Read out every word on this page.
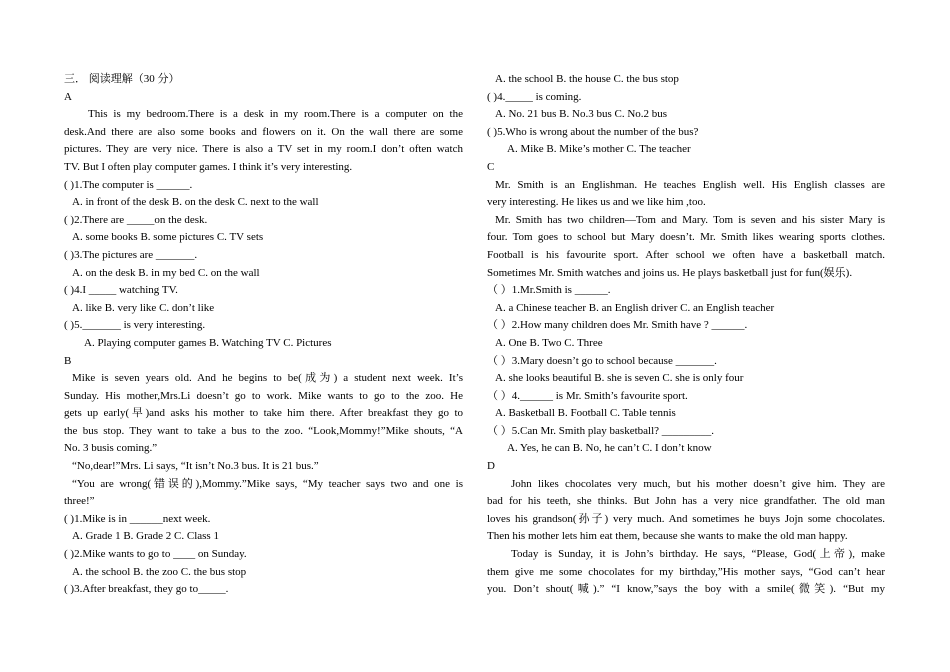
三． 阅读理解（30 分）
A
This is my bedroom.There is a desk in my room.There is a computer on the
desk.And there are also some books and flowers on it. On the wall there are some
pictures. They are very nice. There is also a TV set in my room.I don’t often watch
TV. But I often play computer games. I think it’s very interesting.
( )1.The computer is ______.
A. in front of the desk B. on the desk C. next to the wall
( )2.There are _____on the desk.
A. some books B. some pictures C. TV sets
( )3.The pictures are _______.
A. on the desk B. in my bed C. on the wall
( )4.I _____ watching TV.
A. like B. very like C. don’t like
( )5._______ is very interesting.
A. Playing computer games B. Watching TV C. Pictures
B
Mike is seven years old. And he begins to be(成为) a student next week. It’s
Sunday. His mother,Mrs.Li doesn’t go to work. Mike wants to go to the zoo. He
gets up early(早)and asks his mother to take him there. After breakfast they go to
the bus stop. They want to take a bus to the zoo. “Look,Mommy!”Mike shouts, “A
No. 3 busis coming.”
“No,dear!”Mrs. Li says, “It isn’t No.3 bus. It is 21 bus.”
“You are wrong(错误的),Mommy.”Mike says, “My teacher says two and one is
three!”
( )1.Mike is in ______next week.
A. Grade 1 B. Grade 2 C. Class 1
( )2.Mike wants to go to ____ on Sunday.
A. the school B. the zoo C. the bus stop
( )3.After breakfast, they go to_____.
A. the school B. the house C. the bus stop
( )4._____ is coming.
A. No. 21 bus B. No.3 bus C. No.2 bus
( )5.Who is wrong about the number of the bus?
A. Mike B. Mike’s mother C. The teacher
C
Mr. Smith is an Englishman. He teaches English well. His English classes are
very interesting. He likes us and we like him ,too.
Mr. Smith has two children—Tom and Mary. Tom is seven and his sister Mary is
four. Tom goes to school but Mary doesn’t. Mr. Smith likes wearing sports clothes.
Football is his favourite sport. After school we often have a basketball match.
Sometimes Mr. Smith watches and joins us. He plays basketball just for fun(娱乐).
（ ）1.Mr.Smith is ______.
A. a Chinese teacher B. an English driver C. an English teacher
（ ）2.How many children does Mr. Smith have ? ______.
A. One B. Two C. Three
（ ）3.Mary doesn’t go to school because _______.
A. she looks beautiful B. she is seven C. she is only four
（ ）4.______ is Mr. Smith’s favourite sport.
A. Basketball B. Football C. Table tennis
（ ）5.Can Mr. Smith play basketball? _________.
A. Yes, he can B. No, he can’t C. I don’t know
D
John likes chocolates very much, but his mother doesn’t give him. They are
bad for his teeth, she thinks. But John has a very nice grandfather. The old man
loves his grandson(孙子) very much. And sometimes he buys Jojn some chocolates.
Then his mother lets him eat them, because she wants to make the old man happy.
Today is Sunday, it is John’s birthday. He says, “Please, God(上帝), make
them give me some chocolates for my birthday,”His mother says, “God can’t hear
you. Don’t shout(喊).” “I know,”says the boy with a smile(微笑). “But my
